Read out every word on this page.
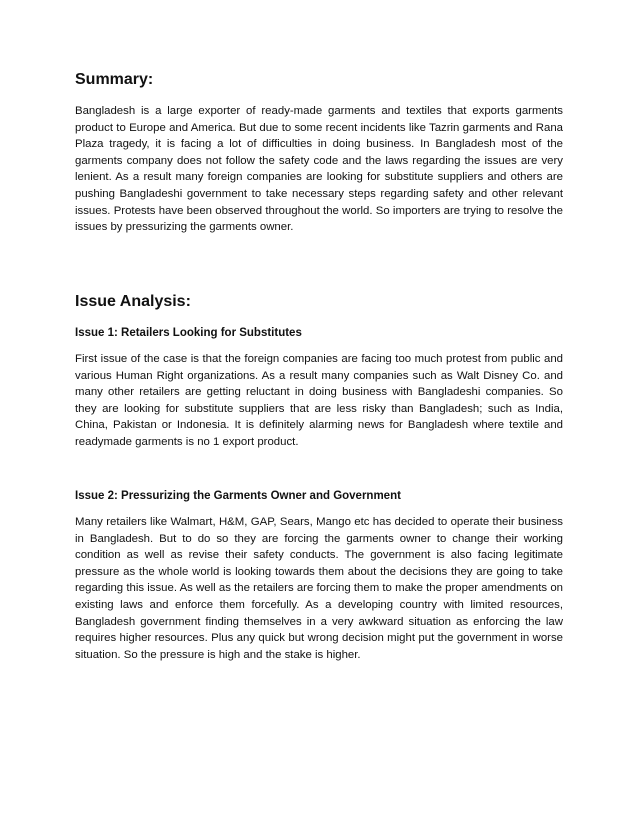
Summary:

Bangladesh is a large exporter of ready-made garments and textiles that exports garments product to Europe and America. But due to some recent incidents like Tazrin garments and Rana Plaza tragedy, it is facing a lot of difficulties in doing business. In Bangladesh most of the garments company does not follow the safety code and the laws regarding the issues are very lenient. As a result many foreign companies are looking for substitute suppliers and others are pushing Bangladeshi government to take necessary steps regarding safety and other relevant issues. Protests have been observed throughout the world. So importers are trying to resolve the issues by pressurizing the garments owner.

Issue Analysis:
Issue 1: Retailers Looking for Substitutes

First issue of the case is that the foreign companies are facing too much protest from public and various Human Right organizations. As a result many companies such as Walt Disney Co. and many other retailers are getting reluctant in doing business with Bangladeshi companies. So they are looking for substitute suppliers that are less risky than Bangladesh; such as India, China, Pakistan or Indonesia. It is definitely alarming news for Bangladesh where textile and readymade garments is no 1 export product.

Issue 2: Pressurizing the Garments Owner and Government

Many retailers like Walmart, H&M, GAP, Sears, Mango etc has decided to operate their business in Bangladesh. But to do so they are forcing the garments owner to change their working condition as well as revise their safety conducts. The government is also facing legitimate pressure as the whole world is looking towards them about the decisions they are going to take regarding this issue. As well as the retailers are forcing them to make the proper amendments on existing laws and enforce them forcefully. As a developing country with limited resources, Bangladesh government finding themselves in a very awkward situation as enforcing the law requires higher resources. Plus any quick but wrong decision might put the government in worse situation. So the pressure is high and the stake is higher.
